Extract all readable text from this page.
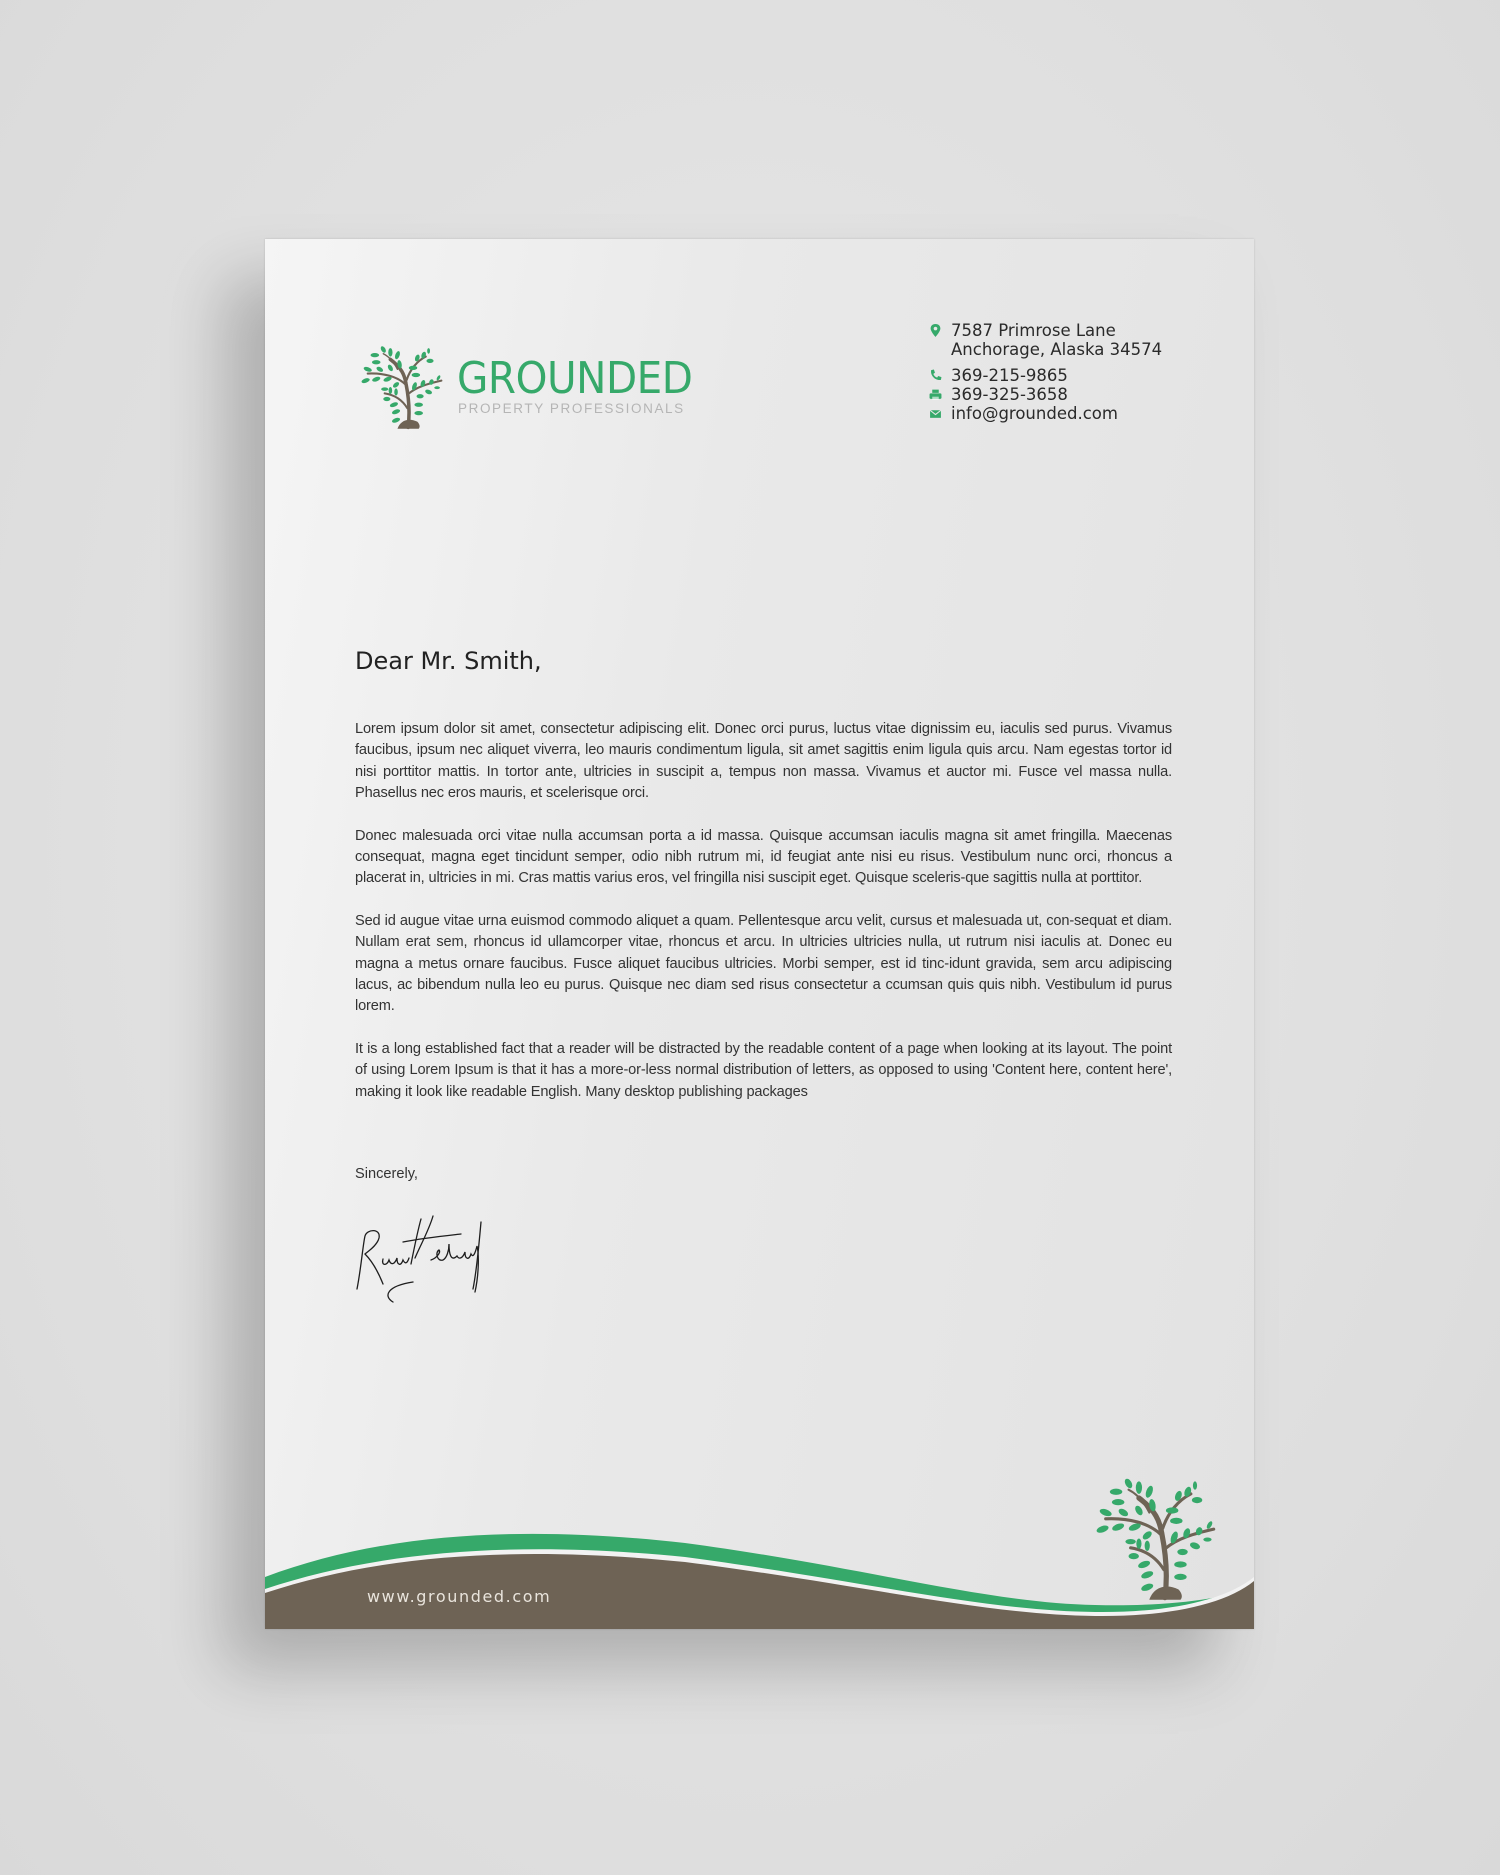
GROUNDED
PROPERTY PROFESSIONALS
7587 Primrose Lane
Anchorage, Alaska 34574
369-215-9865
369-325-3658
info@grounded.com
Dear Mr. Smith,

Lorem ipsum dolor sit amet, consectetur adipiscing elit. Donec orci purus, luctus vitae dignissim eu, iaculis sed purus. Vivamus faucibus, ipsum nec aliquet viverra, leo mauris condimentum ligula, sit amet sagittis enim ligula quis arcu. Nam egestas tortor id nisi porttitor mattis. In tortor ante, ultricies in suscipit a, tempus non massa. Vivamus et auctor mi. Fusce vel massa nulla. Phasellus nec eros mauris, et scelerisque orci.

Donec malesuada orci vitae nulla accumsan porta a id massa. Quisque accumsan iaculis magna sit amet fringilla. Maecenas consequat, magna eget tincidunt semper, odio nibh rutrum mi, id feugiat ante nisi eu risus. Vestibulum nunc orci, rhoncus a placerat in, ultricies in mi. Cras mattis varius eros, vel fringilla nisi suscipit eget. Quisque sceleris-que sagittis nulla at porttitor.

Sed id augue vitae urna euismod commodo aliquet a quam. Pellentesque arcu velit, cursus et malesuada ut, con-sequat et diam. Nullam erat sem, rhoncus id ullamcorper vitae, rhoncus et arcu. In ultricies ultricies nulla, ut rutrum nisi iaculis at. Donec eu magna a metus ornare faucibus. Fusce aliquet faucibus ultricies. Morbi semper, est id tinc-idunt gravida, sem arcu adipiscing lacus, ac bibendum nulla leo eu purus. Quisque nec diam sed risus consectetur a ccumsan quis quis nibh. Vestibulum id purus lorem.

It is a long established fact that a reader will be distracted by the readable content of a page when looking at its layout. The point of using Lorem Ipsum is that it has a more-or-less normal distribution of letters, as opposed to using 'Content here, content here', making it look like readable English. Many desktop publishing packages

Sincerely,
www.grounded.com
